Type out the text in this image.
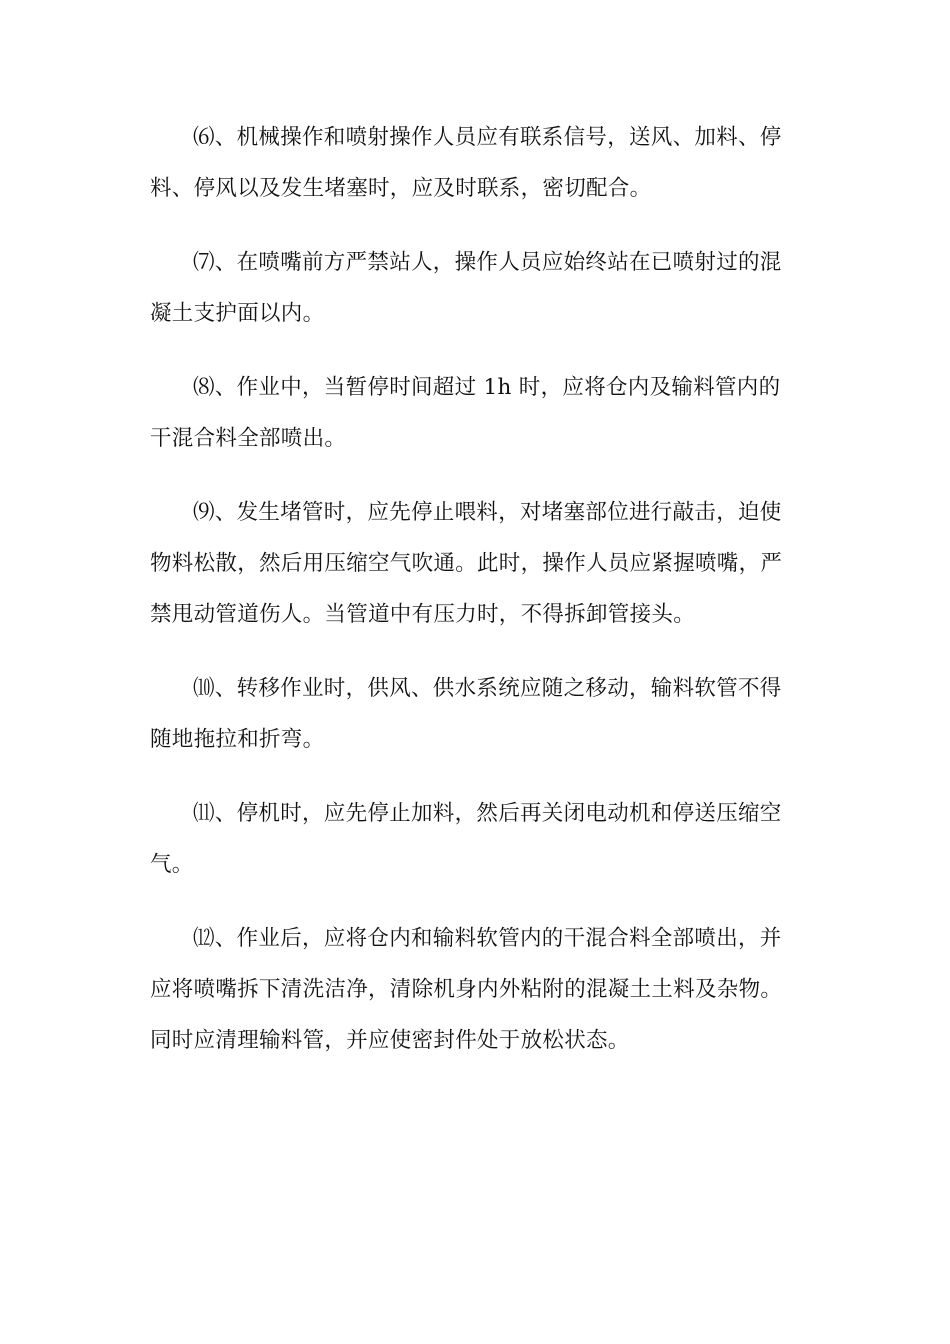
⑹、机械操作和喷射操作人员应有联系信号，送风、加料、停
料、停风以及发生堵塞时，应及时联系，密切配合。

⑺、在喷嘴前方严禁站人，操作人员应始终站在已喷射过的混
凝土支护面以内。

⑻、作业中，当暂停时间超过 1h 时，应将仓内及输料管内的
干混合料全部喷出。

⑼、发生堵管时，应先停止喂料，对堵塞部位进行敲击，迫使
物料松散，然后用压缩空气吹通。此时，操作人员应紧握喷嘴，严
禁甩动管道伤人。当管道中有压力时，不得拆卸管接头。

⑽、转移作业时，供风、供水系统应随之移动，输料软管不得
随地拖拉和折弯。

⑾、停机时，应先停止加料，然后再关闭电动机和停送压缩空
气。

⑿、作业后，应将仓内和输料软管内的干混合料全部喷出，并
应将喷嘴拆下清洗洁净，清除机身内外粘附的混凝土土料及杂物。
同时应清理输料管，并应使密封件处于放松状态。
